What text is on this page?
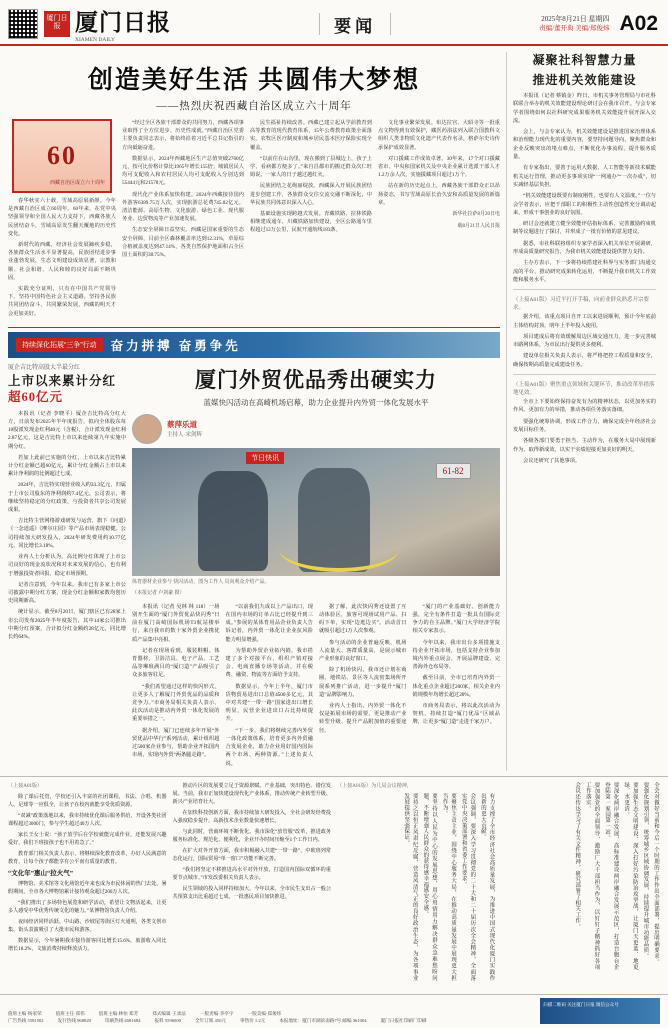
厦门日报 厦门日报
XIAMEN DAILY
要闻	2025年8月21日 星期四
责编/董开典 美编/郑俊炜 A02
创造美好生活 共圆伟大梦想
——热烈庆祝西藏自治区成立六十周年
60
西藏自治区成立六十周年

春华秋实六十载，雪域高原展新颜。今年是西藏自治区成立60周年。60年来，在党中央坚强领导和全国人民大力支持下，西藏各族人民团结奋斗，雪域高原发生翻天覆地的历史性变化。

新时代的西藏，经济社会发展蹄疾步稳，各族群众生活水平显著提高，民族团结进步事业蓬勃发展，生态文明建设成效显著，宗教和顺、社会和谐、人民和睦的良好局面不断巩固。

实践充分证明，只有在中国共产党领导下，坚持中国特色社会主义道路，坚持各民族共同团结奋斗、共同繁荣发展，西藏的明天才会更加美好。

“经过全区各族干部群众的共同努力，西藏各项事业取得了全方位进步、历史性成就。”西藏自治区党委主要负责同志表示，将始终沿着习近平总书记指引的方向砥砺奋进。

数据显示，2024年西藏地区生产总值突破2760亿元，按可比价格计算比1965年增长155倍；城镇居民人均可支配收入和农村居民人均可支配收入分别达到55444元和21578元。

现代化产业体系加快构建。2024年西藏接待国内外游客6389.75万人次，实现旅游总花费745.82亿元。清洁能源、高原生物、文化旅游、绿色工业、现代服务业、边贸物流等产业加速发展。

生态安全屏障日益坚实。西藏是国家重要的生态安全屏障，目前全区森林覆盖率达到12.31%，草原综合植被盖度达到47.14%，各类自然保护地面积占全区国土面积的38.75%。

民生福祉持续改善。西藏已建立起从学前教育到高等教育的现代教育体系，15年公费教育政策全面落实，农牧区医疗制度和城乡居民基本医疗保险实现全覆盖。

“以前住在山沟里，现在搬到了县城边上，孩子上学、看病都方便多了。”来自昌都市的搬迁群众次仁旺姆说，一家人的日子越过越红火。

民族团结之花绚丽绽放。西藏深入开展民族团结进步创建工作，各族群众交往交流交融不断深化，中华民族共同体意识深入人心。

基础设施实现跨越式发展。青藏铁路、拉林铁路相继建成通车，川藏铁路加快建设，全区公路通车里程超过12万公里，民航开通航线183条。

文化事业繁荣发展。布达拉宫、大昭寺等一批重点文物得到有效保护，藏医药浴法列入联合国教科文组织人类非物质文化遗产代表作名录，格萨尔史诗传承保护成效显著。

对口援藏工作成效卓著。30年来，17个对口援藏省市、中央和国家机关及中央企业累计选派干部人才1.2万余人次，实施援藏项目超过1万个。

站在新的历史起点上，西藏各族干部群众正以昂扬姿态，书写雪域高原长治久安和高质量发展的新篇章。

新华社拉萨8月20日电
载8月21日人民日报
持续深化拓展“三争”行动	奋力拼搏 奋勇争先
厦企吉比特高股大半最分红
上市以来累计分红
超60亿元

本报讯（记者 李晓平）厦企吉比特高分红大方，日前发布2025年半年度报告，拟向全体股东每10股派发现金红利40元（含税），合计派发现金红利2.87亿元，这是吉比特上市以来连续第九年实施中期分红。

若加上此前已实施的分红，上市以来吉比特累计分红金额已超60亿元，累计分红金额占上市以来累计净利润的比例超过七成。

2024年，吉比特实现营业收入约33.3亿元，归属于上市公司股东的净利润约7.4亿元。公司表示，将继续坚持稳定的分红政策，与投资者共享公司发展成果。

吉比特主营网络游戏研发与运营，旗下《问道》《一念逍遥》《摩尔庄园》等产品市场表现稳健。公司持续加大研发投入，2024年研发费用约10.77亿元，同比增长3.18%。

业内人士分析认为，高比例分红体现了上市公司良好的现金流状况和对未来发展的信心，也有利于增强投资者回报、稳定市场预期。

记者注意到，今年以来，我市已有多家上市公司披露中期分红方案，现金分红金额和家数均创历史同期新高。

统计显示，截至8月20日，厦门辖区已有28家上市公司发布2025年半年度报告，其中14家公司推出中期分红预案，合计拟分红金额约28亿元，同比增长约64%。

厦门外贸优品秀出硬实力
蓝媒快闪活动在高崎机场启幕，助力企业提升内外贸一体化发展水平
蔡萍乐道
主持人·宋剑辉
节日快讯
61-82
体育器材企业参与 快闪活动，图为工作人 员向观众介绍产品。
（本报记者 卢剑豪 摄）

本报讯（记者 吴林 林 118）一场别开生面的“厦门外贸优品快闪秀”日前在厦门高崎国际机场T3航站楼举行，来自我市的数十家外贸企业携优质产品集中亮相。

记者在现场看到，服装鞋帽、体育器材、卫浴洁具、电子产品、工艺品等琳琅满目的“厦门造”产品吸引了众多旅客驻足。

“我们希望通过这样的快闪形式，让更多人了解厦门外贸优品的品质和竞争力。”市商务局相关负责人表示，此次活动是推动内外贸一体化发展的重要举措之一。

据介绍，厦门已连续多年开展“外贸优品中华行”系列活动，累计组织超过500家企业参与，帮助企业开拓国内市场，实现内外贸“两条腿走路”。

“以前我们九成以上产品出口，现在国内市场的订单占比已经提升到三成。”参展的某体育用品企业负责人告诉记者，内外贸一体化让企业抗风险能力明显增强。

为帮助外贸企业拓内销，我市搭建了多个对接平台，组织产销对接会、电商直播专场等活动，并在税费、融资、物流等方面给予支持。

数据显示，今年上半年，厦门市货物贸易进出口总值4500多亿元，其中对共建“一带一路”国家进出口增长明显，民营企业进出口占比持续提升。

“下一步，我们将继续完善内外贸一体化政策体系，培育更多内外贸融合发展企业，助力企业用好国内国际两个市场、两种资源。”上述负责人说。

据了解，此次快闪秀还设置了互动体验区，旅客可现场试用产品、扫码下单，实现“边逛边买”。活动首日就吸引超过1万人次参观。

参与活动的企业普遍反映，机场人流量大、客群质量高，是展示城市产业形象的良好窗口。

除了机场快闪，我市还计划在商圈、地铁站、景区等人流密集场所开展系列推广活动，进一步提升“厦门造”品牌影响力。

业内人士指出，内外贸一体化不仅是拓展市场的需要，更是推动产业转型升级、提升产品附加值的重要途径。

“厦门的产业基础好、创新能力强，完全有条件打造一批具有国际竞争力的自主品牌。”厦门大学经济学院相关专家表示。

今年以来，我市出台多项措施支持企业开拓市场，包括支持企业参加境内外重点展会、开展品牌建设、完善海外仓布局等。

截至目前，全市已培育内外贸一体化重点企业超过200家，相关企业内销规模年均增长超过20%。

市商务局表示，将以此次活动为契机，持续打造“厦门优品”区域品牌，让更多“厦门造”走进千家万户。

凝聚社科智慧力量
推进机关效能建设

本报讯（记者 蔡镇金）昨日，市机关事务管理局与市社科联联合举办的机关效能建设理论研讨会在我市召开。与会专家学者围绕如何以社科研究成果服务机关效能提升展开深入交流。

会上，与会专家认为，机关效能建设是推进国家治理体系和治理能力现代化的重要内容，要坚持问题导向，聚焦群众和企业反映突出的堵点难点，不断优化办事流程、提升服务质量。

有专家指出，要善于运用大数据、人工智能等新技术赋能机关运行管理，推动更多事项实现“一网通办”“一次办成”，切实减轻基层负担。

“机关效能建设既要有制度刚性，也要有人文温度。”一位与会学者表示，应把干部职工的积极性主动性创造性充分调动起来，形成干事创业的良好氛围。

研讨会还就建立健全效能评估指标体系、完善激励约束机制等议题进行了探讨，并形成了一批有价值的意见建议。

据悉，市社科联将组织专家学者深入机关单位开展调研，形成高质量研究报告，为我市机关效能建设提供智力支持。

主办方表示，下一步将持续搭建社科界与实务部门沟通交流的平台，推动研究成果转化运用，不断提升我市机关工作效能和服务水平。

（上接A01版）习近平打开手稿，向前业群众熟悉开宗要求。

据介绍，该重点项目自开工以来进展顺利，预计今年底前主体结构封顶，明年上半年投入使用。

项目建成后将有效缓解周边区域交通压力，进一步完善城市路网体系，为市民出行提供更多便利。

建设单位相关负责人表示，将严格把控工程质量和安全，确保按期高质量完成建设任务。

（上接A01版）聚焦重点领域和关键环节，推动改革举措落地见效。

全市上下要始终保持奋发有为的精神状态，以更加务实的作风、更加有力的举措，推动各项任务落实落细。

要强化统筹协调，形成工作合力，确保完成全年经济社会发展目标任务。

各级各部门要勇于担当、主动作为，在服务大局中展现新作为、取得新成效，以实干实绩迎接更加美好的明天。

会议还研究了其他事项。

（上接A01版）

除了课后托管，学校还引入丰富的社团课程，书法、合唱、机器人、足球等一应俱全，让孩子在校内就能享受优质资源。

“双减”政策落地以来，我市持续优化课后服务供给，开设各类社团课程超过3000门，参与学生超过40万人次。

家长王女士说：“孩子放学后在学校就能完成作业，还能发展兴趣爱好，我们下班接孩子也不用着急了。”

教育部门相关负责人表示，将继续深化教育改革，办好人民满意的教育，让每个孩子都能享有公平而有质量的教育。

“文化年”惠山“拉火气”

博物馆、美术馆等文化场馆近年来也成为市民休闲的热门去处。暑假期间，全市各大博物馆累计接待观众超过200万人次。

“我们推出了多场特色展览和研学活动，希望让文物活起来，让更多人感受中华优秀传统文化的魅力。”某博物馆负责人介绍。

夜间经济同样活跃。中山路、沙坡尾等街区灯火通明，各类文创市集、街头表演吸引了大批市民和游客。

数据显示，今年暑期我市接待游客同比增长15.6%，旅游收入同比增长18.2%，文旅消费持续释放活力。

推动片区的发展要立足于资源禀赋、产业基础，突出特色、错位发展。当前，我市正加快建设现代化产业体系，推动传统产业转型升级、新兴产业培育壮大。

在加快科技创新方面，我市持续加大研发投入，全社会研发经费投入强度稳步提升，高新技术企业数量快速增长。

与此同时，营商环境不断优化。我市深化“放管服”改革，推进政务服务标准化、规范化、便利化，企业开办时间压缩至1个工作日内。

在扩大对外开放方面，我市积极融入共建“一带一路”，中欧班列常态化运行，国际贸易“单一窗口”功能不断完善。

“我们将坚定不移推进高水平对外开放，打造国内国际双循环的重要节点城市。”市发改委相关负责人表示。

民生领域的投入同样持续加大。今年以来，全市民生支出占一般公共预算支出比重超过七成，一批惠民项目加快推进。

（上接A01版）为几局会议精神，

有力支撑了全市经济社会高质量发展，为推进中国式现代化厦门实践作出新的更大贡献。
会议强调，要深入学习贯彻党的二十大和二十届历次全会精神，全面落实党中央决策部署和省委工作要求。
要聚焦主责主业，围绕中心服务大局，在推动高质量发展中展现更大担当作为。
要坚持以人民为中心的发展思想，用心用情用力解决群众急难愁盼问题，不断增强人民群众的获得感幸福感安全感。
要持之以恒正风肃纪反腐，营造风清气正的良好政治生态，为各项事业发展提供坚强保证。	全会对做好当前和今后一个时期的工作作出全面部署，提出明确要求。
要强化规划引领，统筹城乡区域协调发展，持续提升城市功能品质。
要加强生态文明建设，深入打好污染防治攻坚战，让厦门天更蓝、地更绿、水更清。
要深化两岸融合发展，高标准建设两岸融合发展示范区，打造台胞台企登陆第一家园第一站。
要加强党的全面领导，激励广大干部担当作为，以钉钉子精神抓好各项工作落实。
会议还传达学习了有关文件精神，研究部署了相关工作。
值班主编·杨家荣	值班主任·郑伟	值班主编·林恒 郑芳	郑式编辑·王承法	一版责编·李亭字	一版美编·郑俊炜
广告热线 5581502	发行热线 968820	印刷热线 6581684	报料 5596000	全年订阅 450元	零售价 1.2元	本报地址：厦门市湖滨南路7号 邮编 361004	厦门日报社印刷厂印刷
扫描二维码 关注厦门日报 微信公众号
